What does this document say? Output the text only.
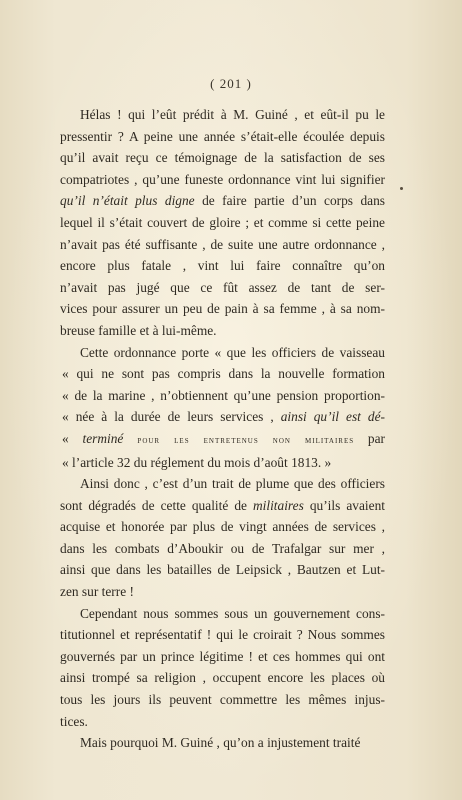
( 201 )
Hélas ! qui l’eût prédit à M. Guiné , et eût-il pu le
pressentir ? A peine une année s’était-elle écoulée depuis
qu’il avait reçu ce témoignage de la satisfaction de ses
compatriotes , qu’une funeste ordonnance vint lui signifier
qu’il n’était plus digne de faire partie d’un corps dans
lequel il s’était couvert de gloire ; et comme si cette peine
n’avait pas été suffisante , de suite une autre ordonnance ,
encore plus fatale , vint lui faire connaître qu’on
n’avait pas jugé que ce fût assez de tant de ser-
vices pour assurer un peu de pain à sa femme , à sa nom-
breuse famille et à lui-même.
Cette ordonnance porte « que les officiers de vaisseau
« qui ne sont pas compris dans la nouvelle formation
« de la marine , n’obtiennent qu’une pension proportion-
« née à la durée de leurs services , ainsi qu’il est dé-
« terminé pour les entretenus non militaires par
« l’article 32 du réglement du mois d’août 1813. »
Ainsi donc , c’est d’un trait de plume que des officiers
sont dégradés de cette qualité de militaires qu’ils avaient
acquise et honorée par plus de vingt années de services ,
dans les combats d’Aboukir ou de Trafalgar sur mer ,
ainsi que dans les batailles de Leipsick , Bautzen et Lut-
zen sur terre !
Cependant nous sommes sous un gouvernement cons-
titutionnel et représentatif ! qui le croirait ? Nous sommes
gouvernés par un prince légitime ! et ces hommes qui ont
ainsi trompé sa religion , occupent encore les places où
tous les jours ils peuvent commettre les mêmes injus-
tices.
Mais pourquoi M. Guiné , qu’on a injustement traité
